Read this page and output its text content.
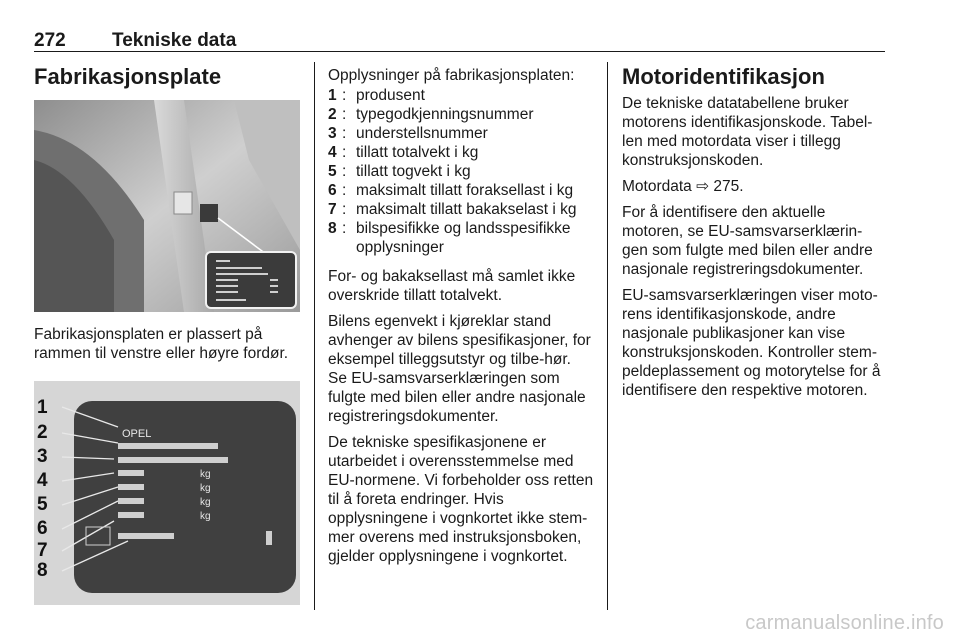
272 Tekniske data
Fabrikasjonsplate

Fabrikasjonsplaten er plassert på rammen til venstre eller høyre fordør.

OPEL
kg
kg
kg
kg
1
2
3
4
5
6
7
8

Opplysninger på fabrikasjonsplaten:

1 : produsent
2 : typegodkjenningsnummer
3 : understellsnummer
4 : tillatt totalvekt i kg
5 : tillatt togvekt i kg
6 : maksimalt tillatt foraksellast i kg
7 : maksimalt tillatt bakakselast i kg
8 : bilspesifikke og landsspesifikke opplysninger

For- og bakaksellast må samlet ikke overskride tillatt totalvekt.

Bilens egenvekt i kjøreklar stand avhenger av bilens spesifikasjoner, for eksempel tilleggsutstyr og tilbe-hør. Se EU-samsvarserklæringen som fulgte med bilen eller andre nasjonale registreringsdokumenter.

De tekniske spesifikasjonene er utarbeidet i overensstemmelse med EU-normene. Vi forbeholder oss retten til å foreta endringer. Hvis opplysningene i vognkortet ikke stem-mer overens med instruksjonsboken, gjelder opplysningene i vognkortet.

Motoridentifikasjon

De tekniske datatabellene bruker motorens identifikasjonskode. Tabel-len med motordata viser i tillegg konstruksjonskoden.

Motordata ⇨ 275.

For å identifisere den aktuelle motoren, se EU-samsvarserklærin-gen som fulgte med bilen eller andre nasjonale registreringsdokumenter.

EU-samsvarserklæringen viser moto-rens identifikasjonskode, andre nasjonale publikasjoner kan vise konstruksjonskoden. Kontroller stem-peldeplassement og motorytelse for å identifisere den respektive motoren.

carmanualsonline.info
